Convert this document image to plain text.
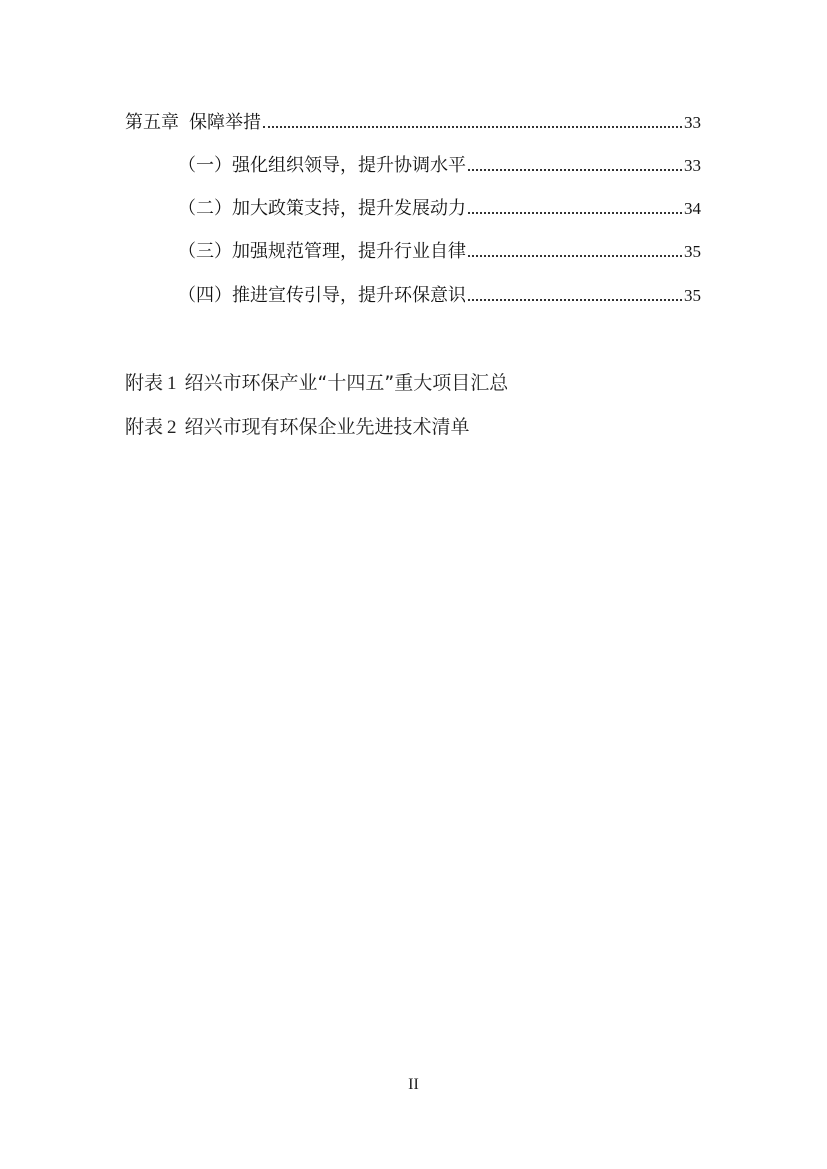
第五章 保障举措	33
（一）强化组织领导，提升协调水平	33
（二）加大政策支持，提升发展动力	34
（三）加强规范管理，提升行业自律	35
（四）推进宣传引导，提升环保意识	35
附表 1 绍兴市环保产业“十四五”重大项目汇总
附表 2 绍兴市现有环保企业先进技术清单
II
